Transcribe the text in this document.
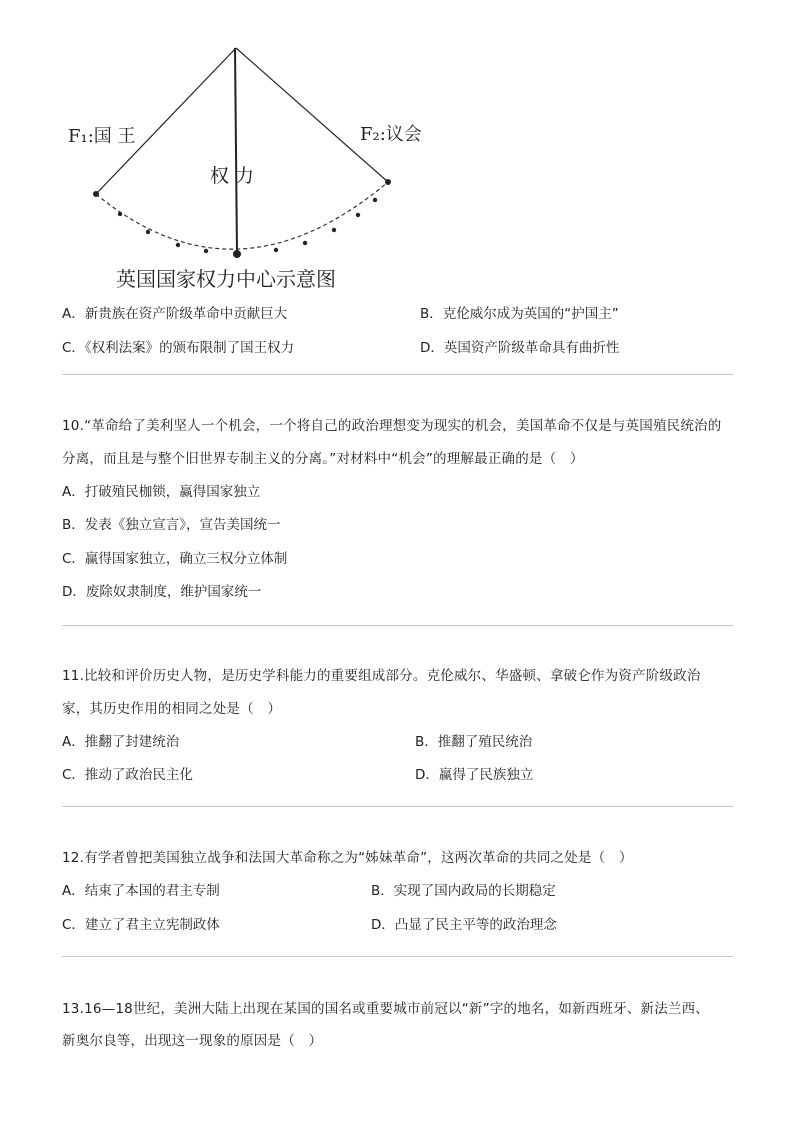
F₁:国 王	F₂:议会
权 力
英国国家权力中心示意图
A．新贵族在资产阶级革命中贡献巨大	B．克伦威尔成为英国的“护国主”
C．《权利法案》的颁布限制了国王权力	D．英国资产阶级革命具有曲折性
10.“革命给了美利坚人一个机会，一个将自己的政治理想变为现实的机会，美国革命不仅是与英国殖民统治的
分离，而且是与整个旧世界专制主义的分离。”对材料中“机会”的理解最正确的是（　）
A．打破殖民枷锁，赢得国家独立
B．发表《独立宣言》，宣告美国统一
C．赢得国家独立，确立三权分立体制
D．废除奴隶制度，维护国家统一
11.比较和评价历史人物，是历史学科能力的重要组成部分。克伦威尔、华盛顿、拿破仑作为资产阶级政治
家，其历史作用的相同之处是（　）
A．推翻了封建统治	B．推翻了殖民统治
C．推动了政治民主化	D．赢得了民族独立
12.有学者曾把美国独立战争和法国大革命称之为“姊妹革命”，这两次革命的共同之处是（　）
A．结束了本国的君主专制	B．实现了国内政局的长期稳定
C．建立了君主立宪制政体	D．凸显了民主平等的政治理念
13.16—18世纪，美洲大陆上出现在某国的国名或重要城市前冠以“新”字的地名，如新西班牙、新法兰西、
新奥尔良等，出现这一现象的原因是（　）
